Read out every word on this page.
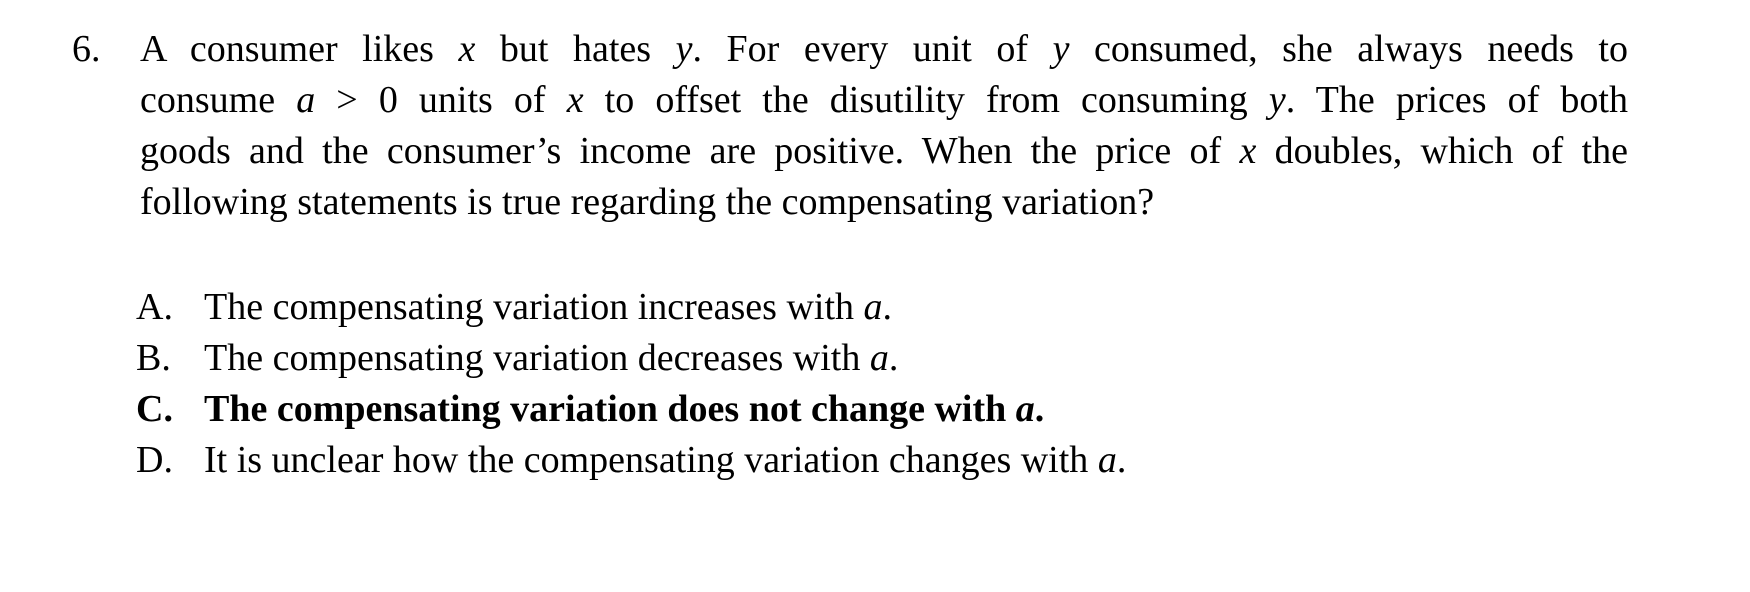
6. A consumer likes x but hates y. For every unit of y consumed, she always needs to
consume a > 0 units of x to offset the disutility from consuming y. The prices of both
goods and the consumer’s income are positive. When the price of x doubles, which of the
following statements is true regarding the compensating variation?
A. The compensating variation increases with a.
B. The compensating variation decreases with a.
C. The compensating variation does not change with a.
D. It is unclear how the compensating variation changes with a.
